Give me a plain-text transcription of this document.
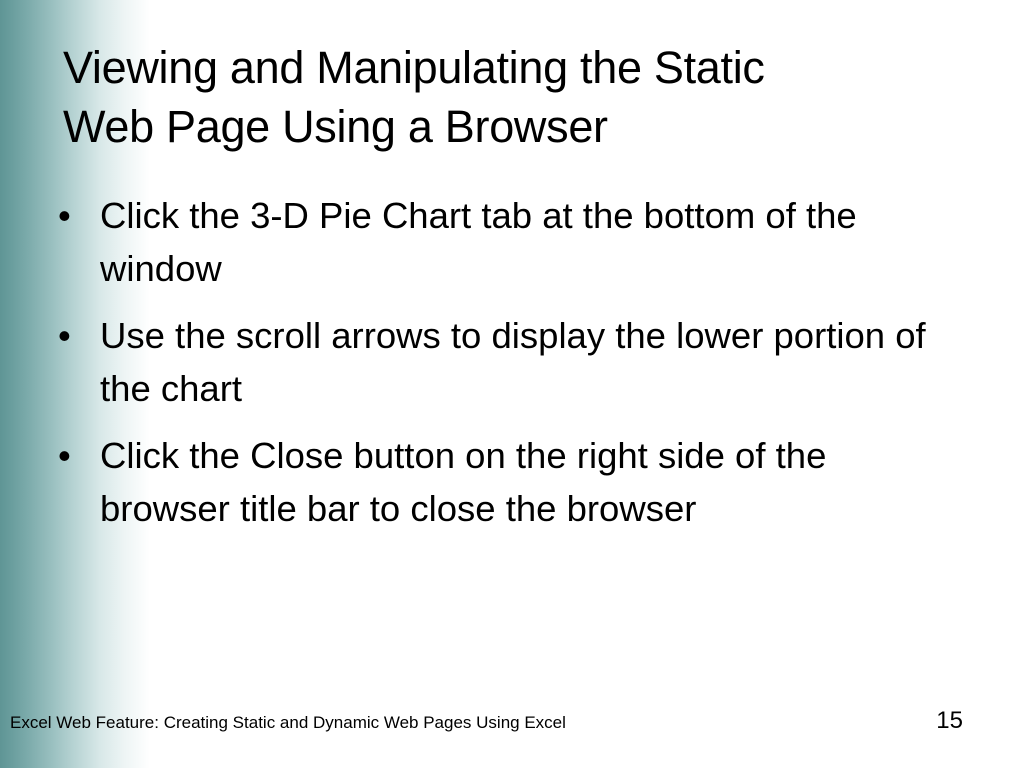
Viewing and Manipulating the Static
Web Page Using a Browser
• Click the 3-D Pie Chart tab at the bottom of the window
• Use the scroll arrows to display the lower portion of the chart
• Click the Close button on the right side of the browser title bar to close the browser
Excel Web Feature: Creating Static and Dynamic Web Pages Using Excel	15
